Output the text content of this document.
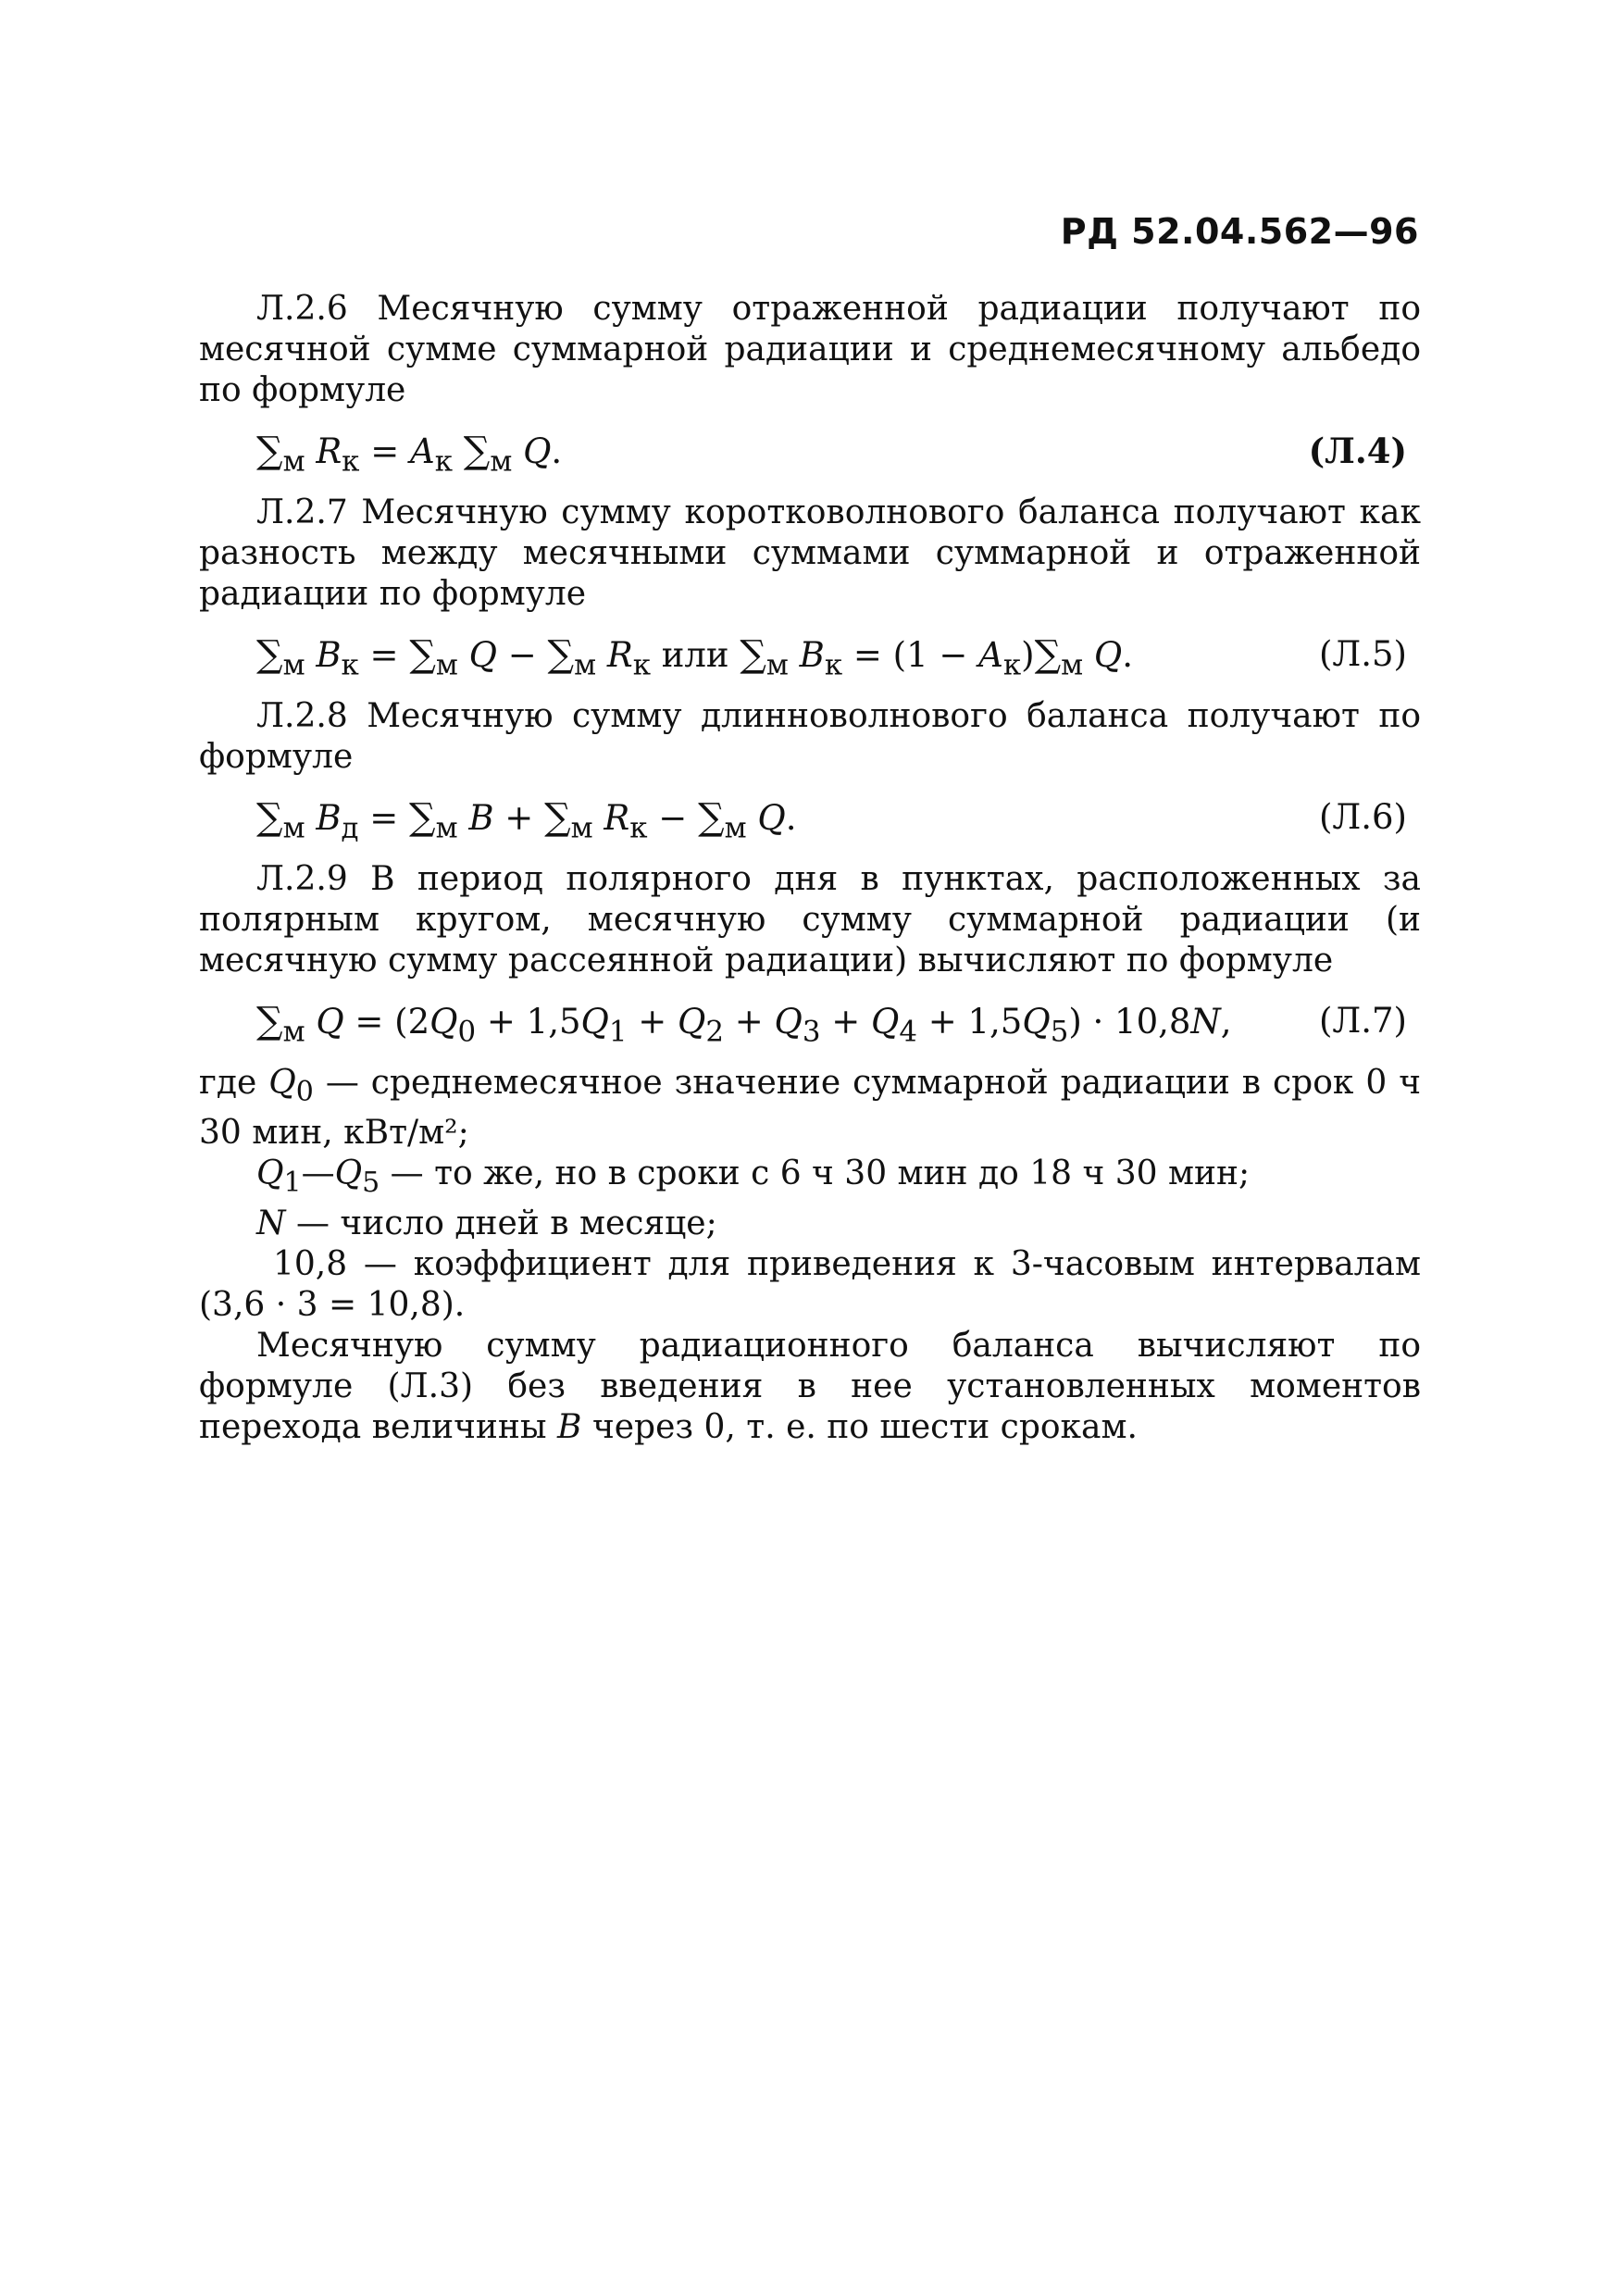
РД 52.04.562—96

Л.2.6 Месячную сумму отраженной радиации получают по месячной сумме суммарной радиации и среднемесячному альбедо по формуле

$\sum_м$ $R_к = A_к$ $\sum_м$ Q.	(Л.4)

Л.2.7 Месячную сумму коротковолнового баланса получают как разность между месячными суммами суммарной и отраженной радиации по формуле

$\sum_м$ $B_к = \sum_м$ $Q - \sum_м$ $R_к$ или $\sum_м$ $B_к = (1 - A_к)\sum_м$ Q.	(Л.5)

Л.2.8 Месячную сумму длинноволнового баланса получают по формуле

$\sum_м$ $B_д = \sum_м$ $B + \sum_м$ $R_к - \sum_м$ Q.	(Л.6)

Л.2.9 В период полярного дня в пунктах, расположенных за полярным кругом, месячную сумму суммарной радиации (и месячную сумму рассеянной радиации) вычисляют по формуле

$\sum_м$ $Q = (2Q_0 + 1,5Q_1 + Q_2 + Q_3 + Q_4 + 1,5Q_5) \cdot 10,8N$,	(Л.7)

где $Q_0$ — среднемесячное значение суммарной радиации в срок 0 ч 30 мин, кВт/м²;

$Q_1—Q_5$ — то же, но в сроки с 6 ч 30 мин до 18 ч 30 мин;

N — число дней в месяце;

10,8 — коэффициент для приведения к 3-часовым интервалам (3,6 · 3 = 10,8).

Месячную сумму радиационного баланса вычисляют по формуле (Л.3) без введения в нее установленных моментов перехода величины B через 0, т. е. по шести срокам.
